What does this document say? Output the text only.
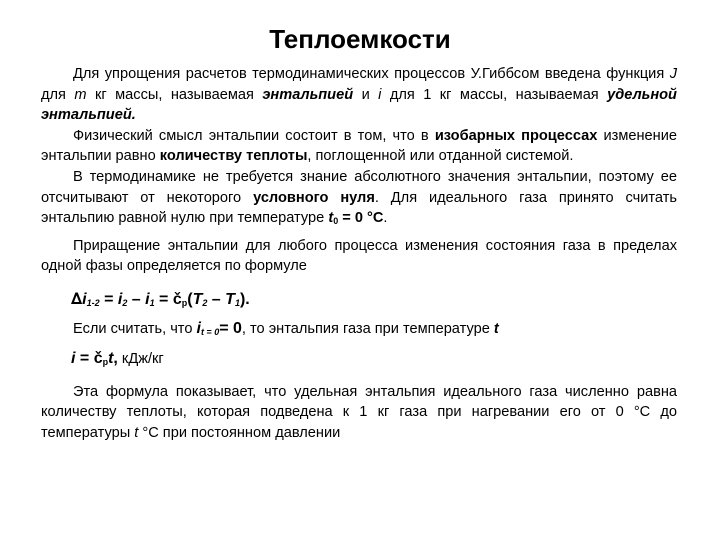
Теплоемкости

Для упрощения расчетов термодинамических процессов У.Гиббсом введена функция J для m кг массы, называемая энтальпией и i для 1 кг массы, называемая удельной энтальпией.

Физический смысл энтальпии состоит в том, что в изобарных процессах изменение энтальпии равно количеству теплоты, поглощенной или отданной системой.

В термодинамике не требуется знание абсолютного значения энтальпии, поэтому ее отсчитывают от некоторого условного нуля. Для идеального газа принято считать энтальпию равной нулю при температуре $t_0 = 0$ °С.

Приращение энтальпии для любого процесса изменения состояния газа в пределах одной фазы определяется по формуле

$\Delta i_{1-2} = i_2 - i_1$ = $č_р(T_2 - T_1)$.

Если считать, что $i_{t = 0}= 0$, то энтальпия газа при температуре t

$i = č_рt$, кДж/кг

Эта формула показывает, что удельная энтальпия идеального газа численно равна количеству теплоты, которая подведена к 1 кг газа при нагревании его от 0 °С до температуры t °С при постоянном давлении
